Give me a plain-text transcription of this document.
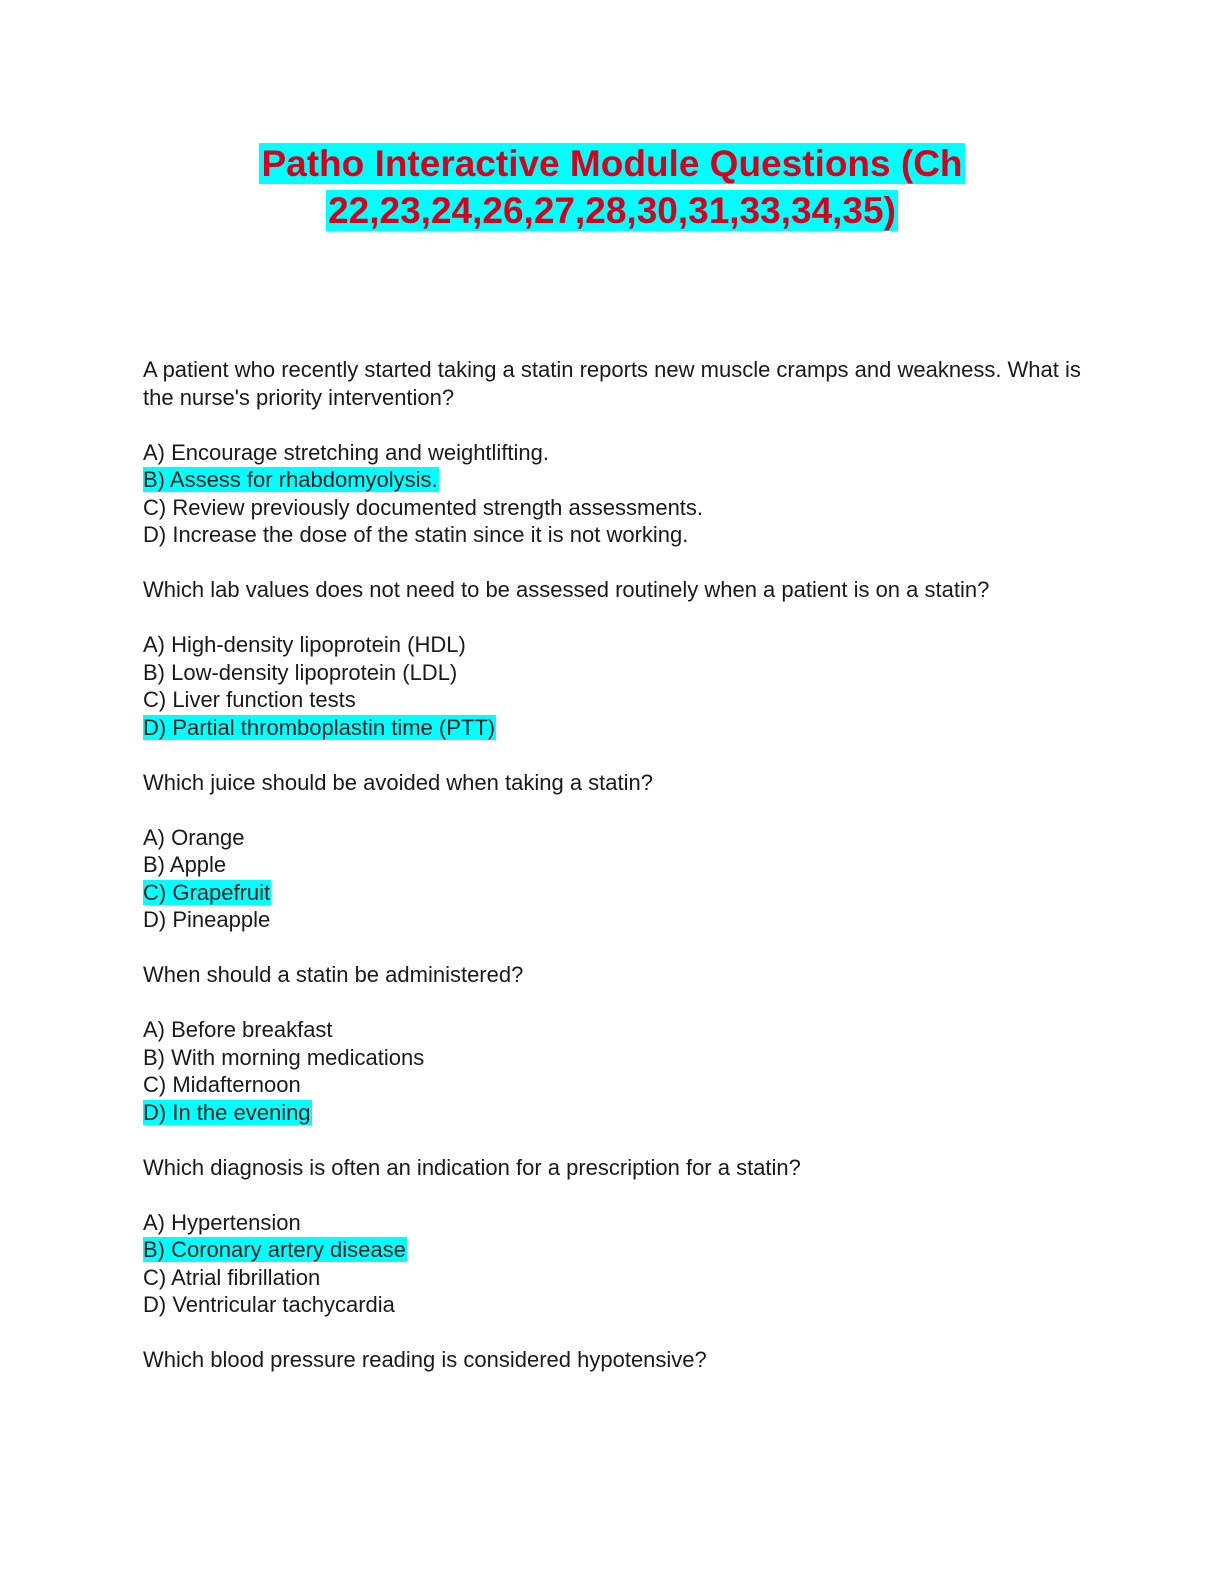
Patho Interactive Module Questions (Ch
22,23,24,26,27,28,30,31,33,34,35)

A patient who recently started taking a statin reports new muscle cramps and weakness. What is the nurse's priority intervention?

A) Encourage stretching and weightlifting.
B) Assess for rhabdomyolysis.
C) Review previously documented strength assessments.
D) Increase the dose of the statin since it is not working.

Which lab values does not need to be assessed routinely when a patient is on a statin?

A) High-density lipoprotein (HDL)
B) Low-density lipoprotein (LDL)
C) Liver function tests
D) Partial thromboplastin time (PTT)

Which juice should be avoided when taking a statin?

A) Orange
B) Apple
C) Grapefruit
D) Pineapple

When should a statin be administered?

A) Before breakfast
B) With morning medications
C) Midafternoon
D) In the evening

Which diagnosis is often an indication for a prescription for a statin?

A) Hypertension
B) Coronary artery disease
C) Atrial fibrillation
D) Ventricular tachycardia

Which blood pressure reading is considered hypotensive?
